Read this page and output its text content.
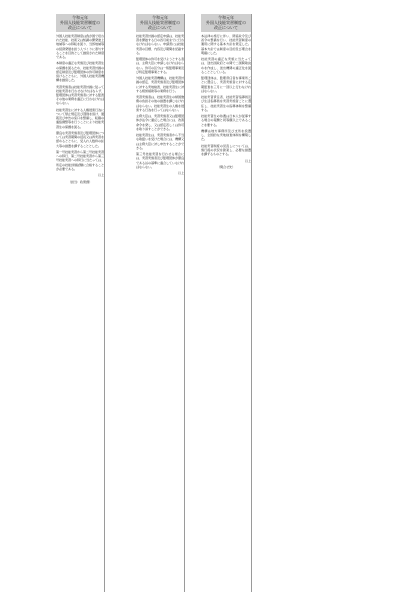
令和元年
外国人技能実習制度の
改正について

外国人技能実習制度は我が国で培われた技能、技術又は知識の開発途上地域等への移転を図り、当該地域等の経済発展を担う人づくりに寄与することを目的として創設された制度である。

本制度の適正な実施及び技能実習生の保護を図るため、技能実習計画の認定制度及び監理団体の許可制度を設けるとともに、外国人技能実習機構を創設した。

実習実施者は技能実習計画に従って技能実習を行わせなければならず、監理団体は実習実施者に対する監査その他の業務を適正に行わなければならない。

技能実習生に対する人権侵害行為について禁止規定及び罰則を設け、通報及び申告の窓口を整備し、転籍の連絡調整等を行うことにより技能実習生の保護を図る。

優良な実習実施者及び監理団体については実習期間の延長又は再実習を認めるとともに、受入れ人数枠の拡大等の措置を講ずることとした。

第一号技能実習から第二号技能実習への移行、第二号技能実習から第三号技能実習への移行に当たっては、所定の技能評価試験に合格することが必要である。

以上

（担当：政策課）

令和元年
外国人技能実習制度の
改正について

技能実習計画の認定申請は、技能実習を開始する日の四月前までに行わなければならない。申請書には技能実習の目標、内容及び期間を記載する。

監理団体の許可を受けようとする者は、主務大臣に申請しなければならない。許可の区分は一般監理事業及び特定監理事業とする。

外国人技能実習機構は、技能実習計画の認定、実習実施者及び監理団体に対する実地検査、技能実習生に対する相談援助等の業務を行う。

実習実施者は、技能実習生の帰国旅費の負担その他の措置を講じなければならない。技能実習生の人権を侵害する行為を行ってはならない。

主務大臣は、実習実施者又は監理団体が法令に違反した場合には、改善命令を発し、又は認定若しくは許可を取り消すことができる。

技能実習生は、実習実施者から不当な取扱いを受けた場合には、機構又は主務大臣に対し申告することができる。

第三号技能実習を行わせる場合には、実習実施者及び監理団体が優良である旨の基準に適合していなければならない。

以上

令和元年
外国人技能実習制度の
改正について

本法律の施行に伴い、関係政令及び省令の整備を行い、技能実習制度の運用に関する基本方針を策定した。基本方針では制度の目的及び理念を明確にした。

技能実習の適正な実施に当たっては、送出国政府との間で二国間取決めを作成し、送出機関の適正化を図ることとしている。

監理団体は、監理責任者を事業所ごとに選任し、実習実施者に対する定期監査を三月に一回以上行わなければならない。

技能実習責任者、技能実習指導員及び生活指導員を実習実施者ごとに選任し、技能実習生の指導体制を整備する。

技能実習生の待遇は日本人が従事する場合の報酬と同等額以上であることを要する。

機構は地方事務所及び支所を設置し、全国的な実地検査体制を構築した。

技能実習制度の見直しについては、施行後の状況を勘案し、必要な措置を講ずるものとする。

以上

（問合せ先）
